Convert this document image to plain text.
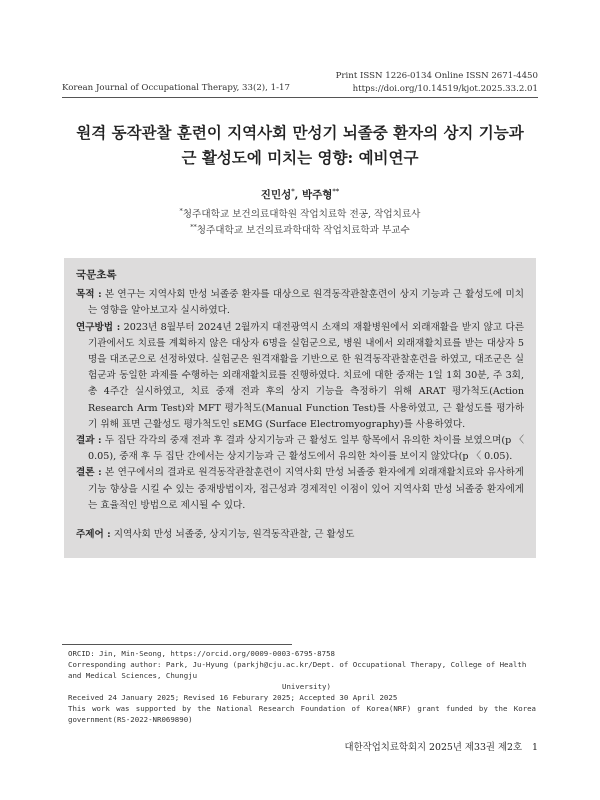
Print ISSN 1226-0134 Online ISSN 2671-4450
https://doi.org/10.14519/kjot.2025.33.2.01
Korean Journal of Occupational Therapy, 33(2), 1-17
원격 동작관찰 훈련이 지역사회 만성기 뇌졸중 환자의 상지 기능과
근 활성도에 미치는 영향: 예비연구
진민성*, 박주형**
*청주대학교 보건의료대학원 작업치료학 전공, 작업치료사
**청주대학교 보건의료과학대학 작업치료학과 부교수
국문초록

목적 : 본 연구는 지역사회 만성 뇌졸중 환자를 대상으로 원격동작관찰훈련이 상지 기능과 근 활성도에 미치는 영향을 알아보고자 실시하였다.

연구방법 : 2023년 8월부터 2024년 2월까지 대전광역시 소재의 재활병원에서 외래재활을 받지 않고 다른 기관에서도 치료를 계획하지 않은 대상자 6명을 실험군으로, 병원 내에서 외래재활치료를 받는 대상자 5명을 대조군으로 선정하였다. 실험군은 원격재활을 기반으로 한 원격동작관찰훈련을 하였고, 대조군은 실험군과 동일한 과제를 수행하는 외래재활치료를 진행하였다. 치료에 대한 중재는 1일 1회 30분, 주 3회, 총 4주간 실시하였고, 치료 중재 전과 후의 상지 기능을 측정하기 위해 ARAT 평가척도(Action Research Arm Test)와 MFT 평가척도(Manual Function Test)를 사용하였고, 근 활성도를 평가하기 위해 표면 근활성도 평가척도인 sEMG (Surface Electromyography)를 사용하였다.

결과 : 두 집단 각각의 중재 전과 후 결과 상지기능과 근 활성도 일부 항목에서 유의한 차이를 보였으며(p 〈 0.05), 중재 후 두 집단 간에서는 상지기능과 근 활성도에서 유의한 차이를 보이지 않았다(p 〈 0.05).

결론 : 본 연구에서의 결과로 원격동작관찰훈련이 지역사회 만성 뇌졸중 환자에게 외래재활치료와 유사하게 기능 향상을 시킬 수 있는 중재방법이자, 접근성과 경제적인 이점이 있어 지역사회 만성 뇌졸중 환자에게는 효율적인 방법으로 제시될 수 있다.

주제어 : 지역사회 만성 뇌졸중, 상지기능, 원격동작관찰, 근 활성도

ORCID: Jin, Min-Seong, https://orcid.org/0009-0003-6795-8758

Corresponding author: Park, Ju-Hyung (parkjh@cju.ac.kr/Dept. of Occupational Therapy, College of Health and Medical Sciences, Chungju

University)

Received 24 January 2025; Revised 16 Feburary 2025; Accepted 30 April 2025

This work was supported by the National Research Foundation of Korea(NRF) grant funded by the Korea

government(RS-2022-NR069890)

대한작업치료학회지 2025년 제33권 제2호 1
